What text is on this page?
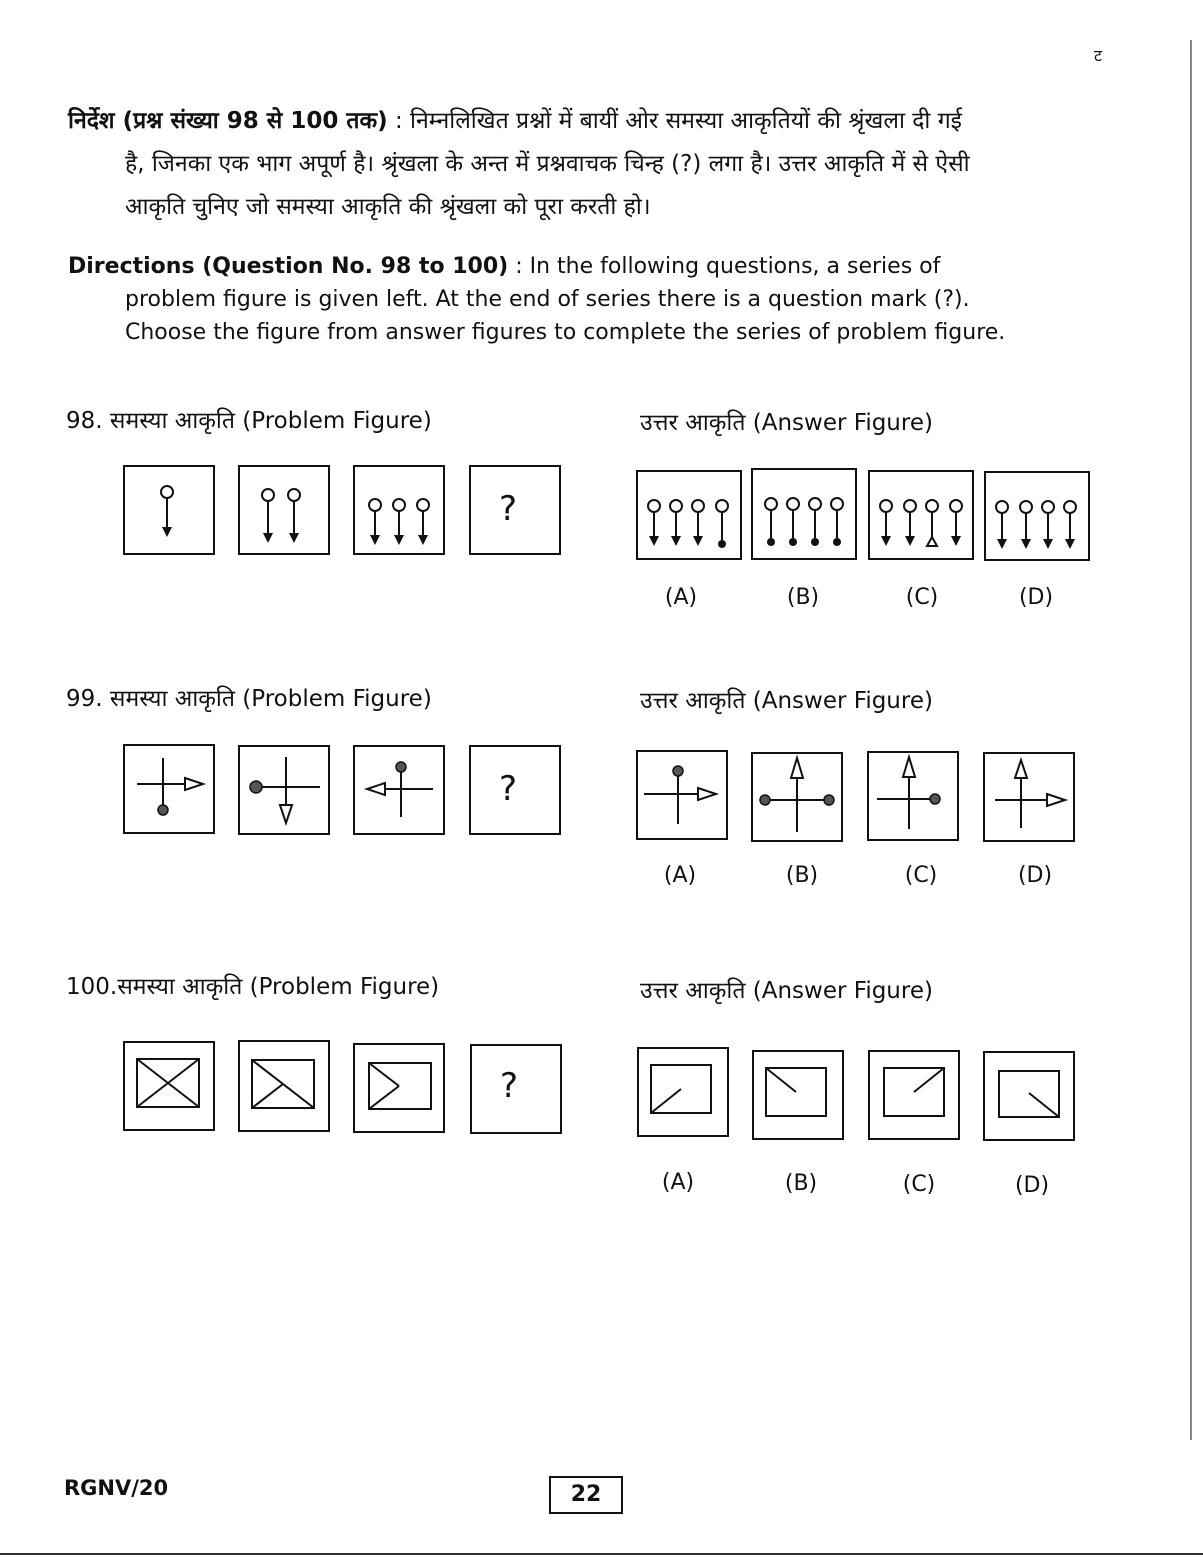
ट
निर्देश (प्रश्न संख्या 98 से 100 तक) : निम्नलिखित प्रश्नों में बायीं ओर समस्या आकृतियों की श्रृंखला दी गई
है, जिनका एक भाग अपूर्ण है। श्रृंखला के अन्त में प्रश्नवाचक चिन्ह (?) लगा है। उत्तर आकृति में से ऐसी
आकृति चुनिए जो समस्या आकृति की श्रृंखला को पूरा करती हो।
Directions (Question No. 98 to 100) : In the following questions, a series of
problem figure is given left. At the end of series there is a question mark (?).
Choose the figure from answer figures to complete the series of problem figure.
98. समस्या आकृति (Problem Figure)	उत्तर आकृति (Answer Figure)
?
(A)	(B)	(C)	(D)
99. समस्या आकृति (Problem Figure)	उत्तर आकृति (Answer Figure)
?
(A)	(B)	(C)	(D)
100.समस्या आकृति (Problem Figure)	उत्तर आकृति (Answer Figure)
?
(A)	(B)	(C)	(D)
RGNV/20	22
